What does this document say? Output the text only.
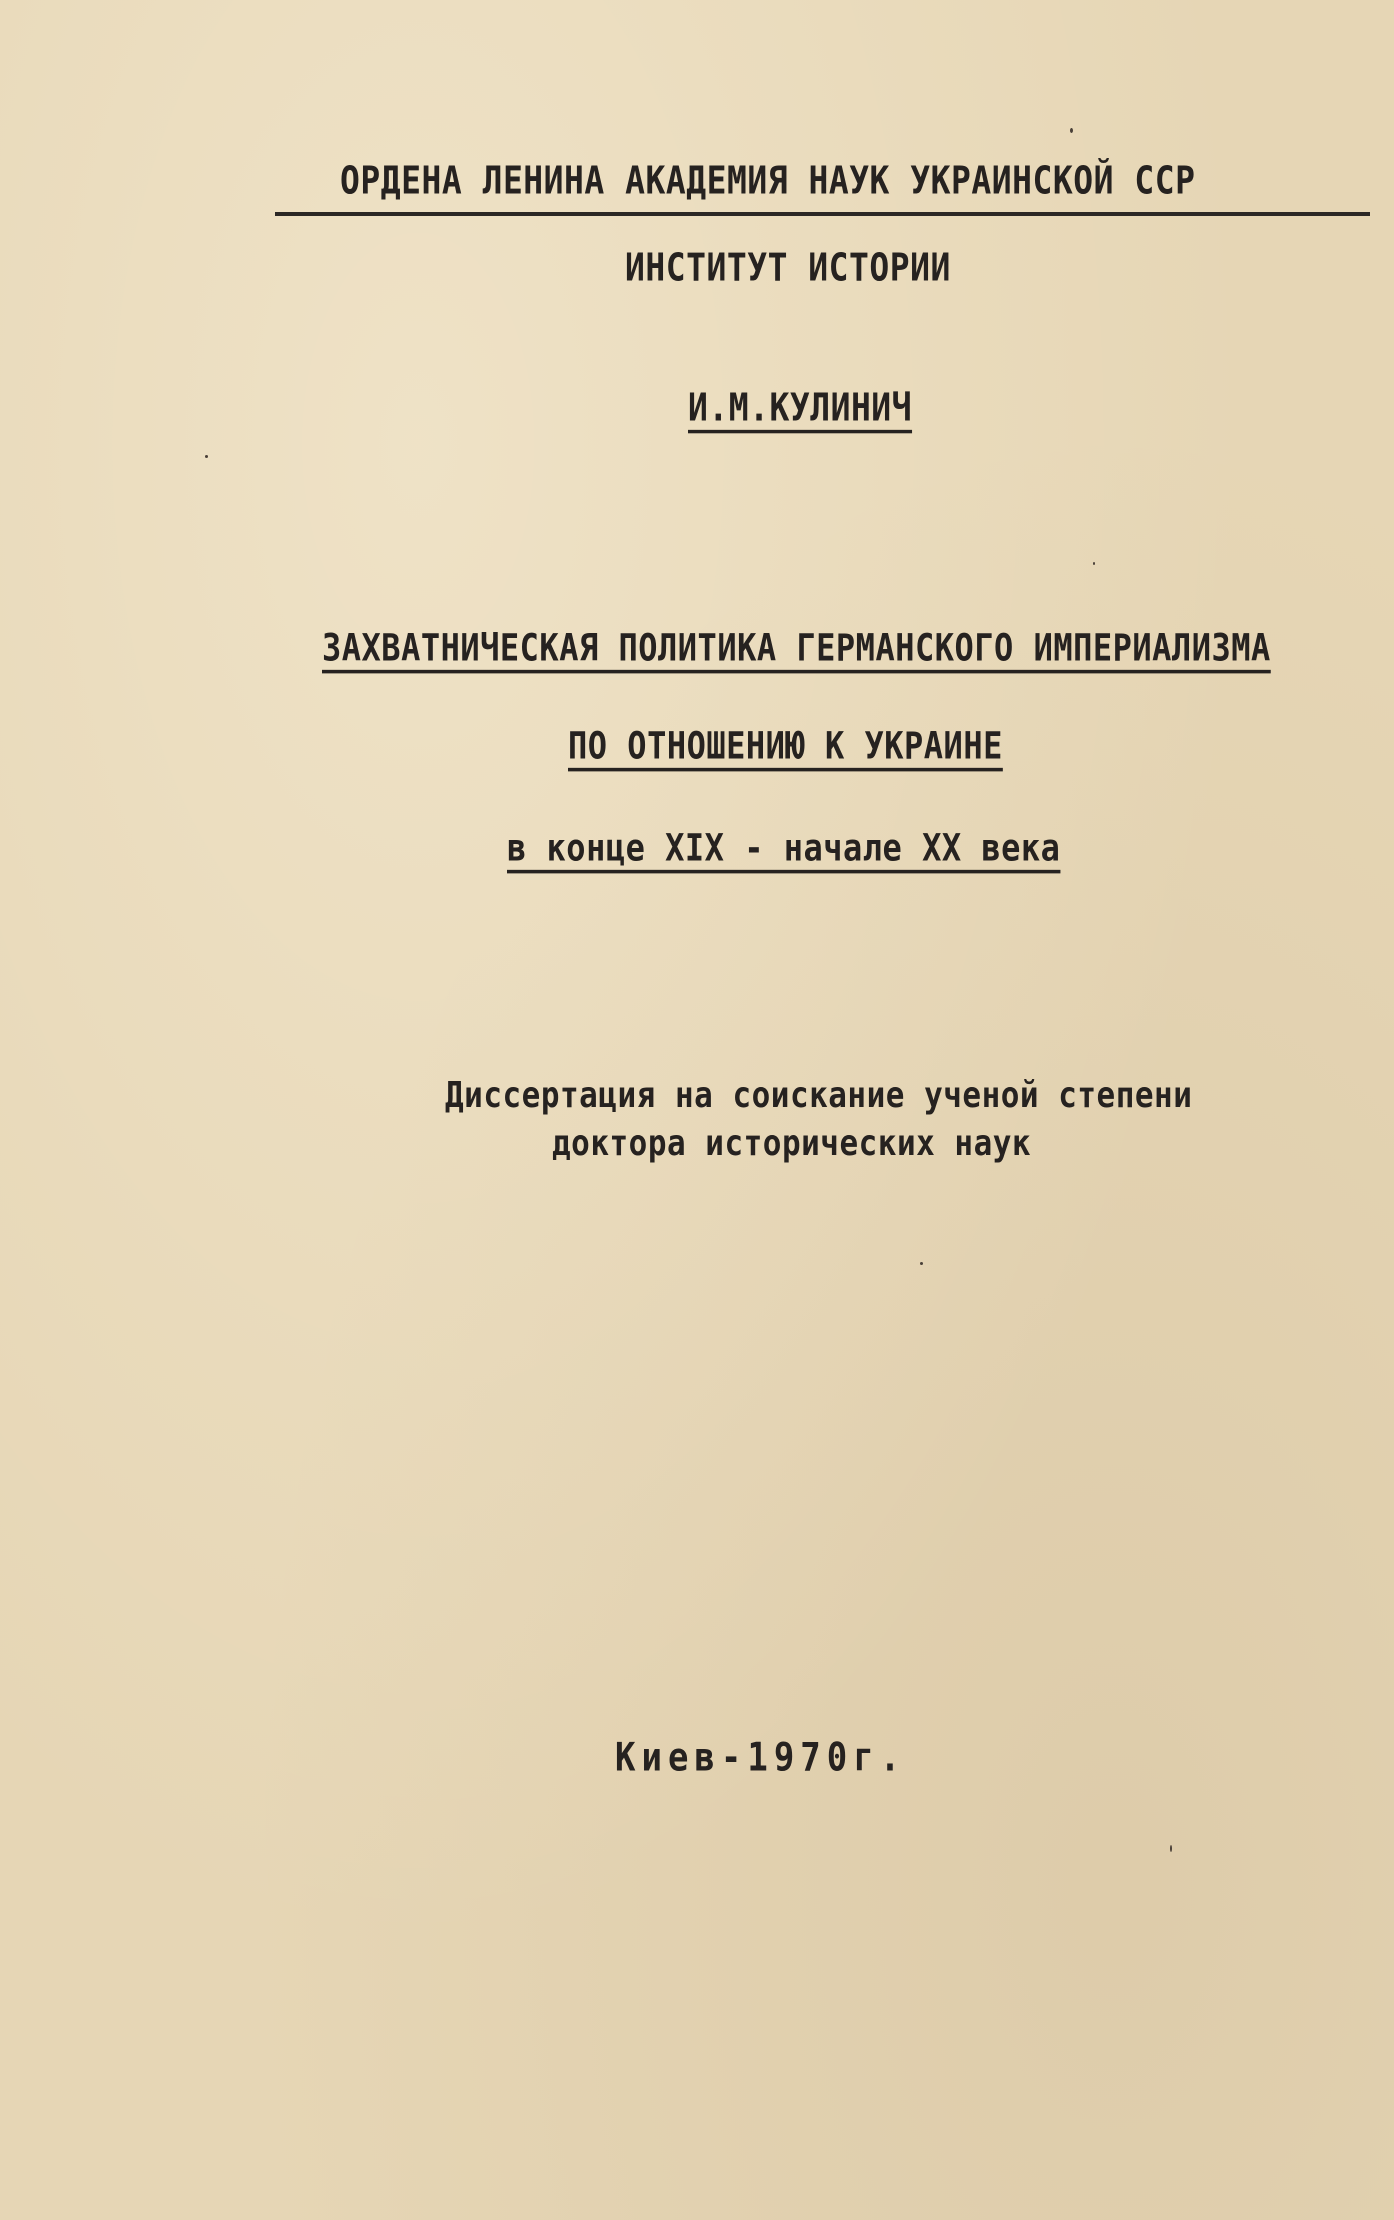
ОРДЕНА ЛЕНИНА АКАДЕМИЯ НАУК УКРАИНСКОЙ ССР
ИНСТИТУТ ИСТОРИИ
И.М.КУЛИНИЧ
ЗАХВАТНИЧЕСКАЯ ПОЛИТИКА ГЕРМАНСКОГО ИМПЕРИАЛИЗМА
ПО ОТНОШЕНИЮ К УКРАИНЕ
в конце XIX - начале XX века
Диссертация на соискание ученой степени
доктора исторических наук
Киев-1970г.
